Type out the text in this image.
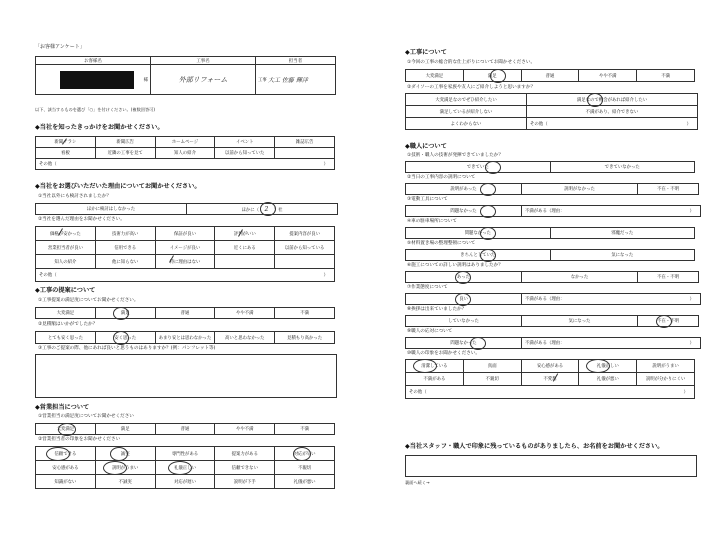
「お客様アンケート」
お客様名	工事名	担当者

様	外部リフォーム	工事 大工 佐藤 輝洋
以下、該当するものを選び「○」を付けください。(複数回答可)
◆当社を知ったきっかけをお聞かせください。
新聞チラシ	新聞広告	ホームページ	イベント	雑誌広告
看板	近隣の工事を見て	知人の紹介	以前から知っていた	
その他（ ）				
◆当社をお選びいただいた理由についてお聞かせください。
①当社以外にも検討されましたか？
ほかに検討はしなかった	ほかに（ 2 ）社
②当社を選んだ理由をお聞かせください。
価格が安かった	技術力が高い	保証が良い	評判がいい	提案内容が良い
営業担当者が良い	信用できる	イメージが良い	近くにある	以前から知っている
知人の紹介	他に知らない	特に理由はない		
その他（ ）				
◆工事の提案について
①工事提案の満足度についてお聞かせください。
大変満足	満足	普通	やや不満	不満
②見積額はいかがでしたか？
とても安く思った	安く思った	あまり安とは思わなかった	高いと思わなかった	見積もり高かった
③工事のご提案の際、他にあれば良いと思うものはありますか？(例：パンフレット等)
◆営業担当について
①営業担当の満足度についてお聞かせください
大変満足	満足	普通	やや不満	不満
②営業担当者の印象をお聞かせください
信頼できる	誠実	専門性がある	提案力がある	対応が早い
安心感がある	説明がうまい	礼儀正しい	信頼できない	不親切
知識がない	不誠実	対応が遅い	説明が下手	礼儀が悪い
◆工事について
①今回の工事の総合的な仕上がりについてお聞かせください。
大変満足	満足	普通	やや不満	不満
②ダイソーの工事を家族や友人にご紹介しようと思いますか？
大変満足なのでぜひ紹介したい	満足なので機会があれば紹介したい
満足しているが紹介しない	不満があり、紹介できない
よくわからない	その他（ ）
◆職人について
①技術・職人の技術が発揮できていましたか？
できていた	できていなかった
②当日の工事内容の説明について
説明があった	説明がなかった	不在・不明
③電動工具について
問題なかった	不満がある（理由：	）
④車の駐車場所について
問題なかった	邪魔だった
⑤材料置き場の整理整頓について
きちんとしていた	気になった
⑥施工についての詳しい説明はありましたか？
あった	なかった	不在・不明
⑦作業態度について
良い	不満がある（理由：	）
⑧挨拶は出来ていましたか？
していなかった	気になった	不在・不明
⑨職人の応対について
問題なかった	不満がある（理由：	）
⑩職人の印象をお聞かせください。
清潔している	真面	安心感がある	礼儀正しい	説明がうまい
不満がある	不親切	不愛想	礼儀が悪い	説明が分かりにくい
その他（ ）				
◆当社スタッフ・職人で印象に残っているものがありましたら、お名前をお聞かせください。
裏面へ続く→
